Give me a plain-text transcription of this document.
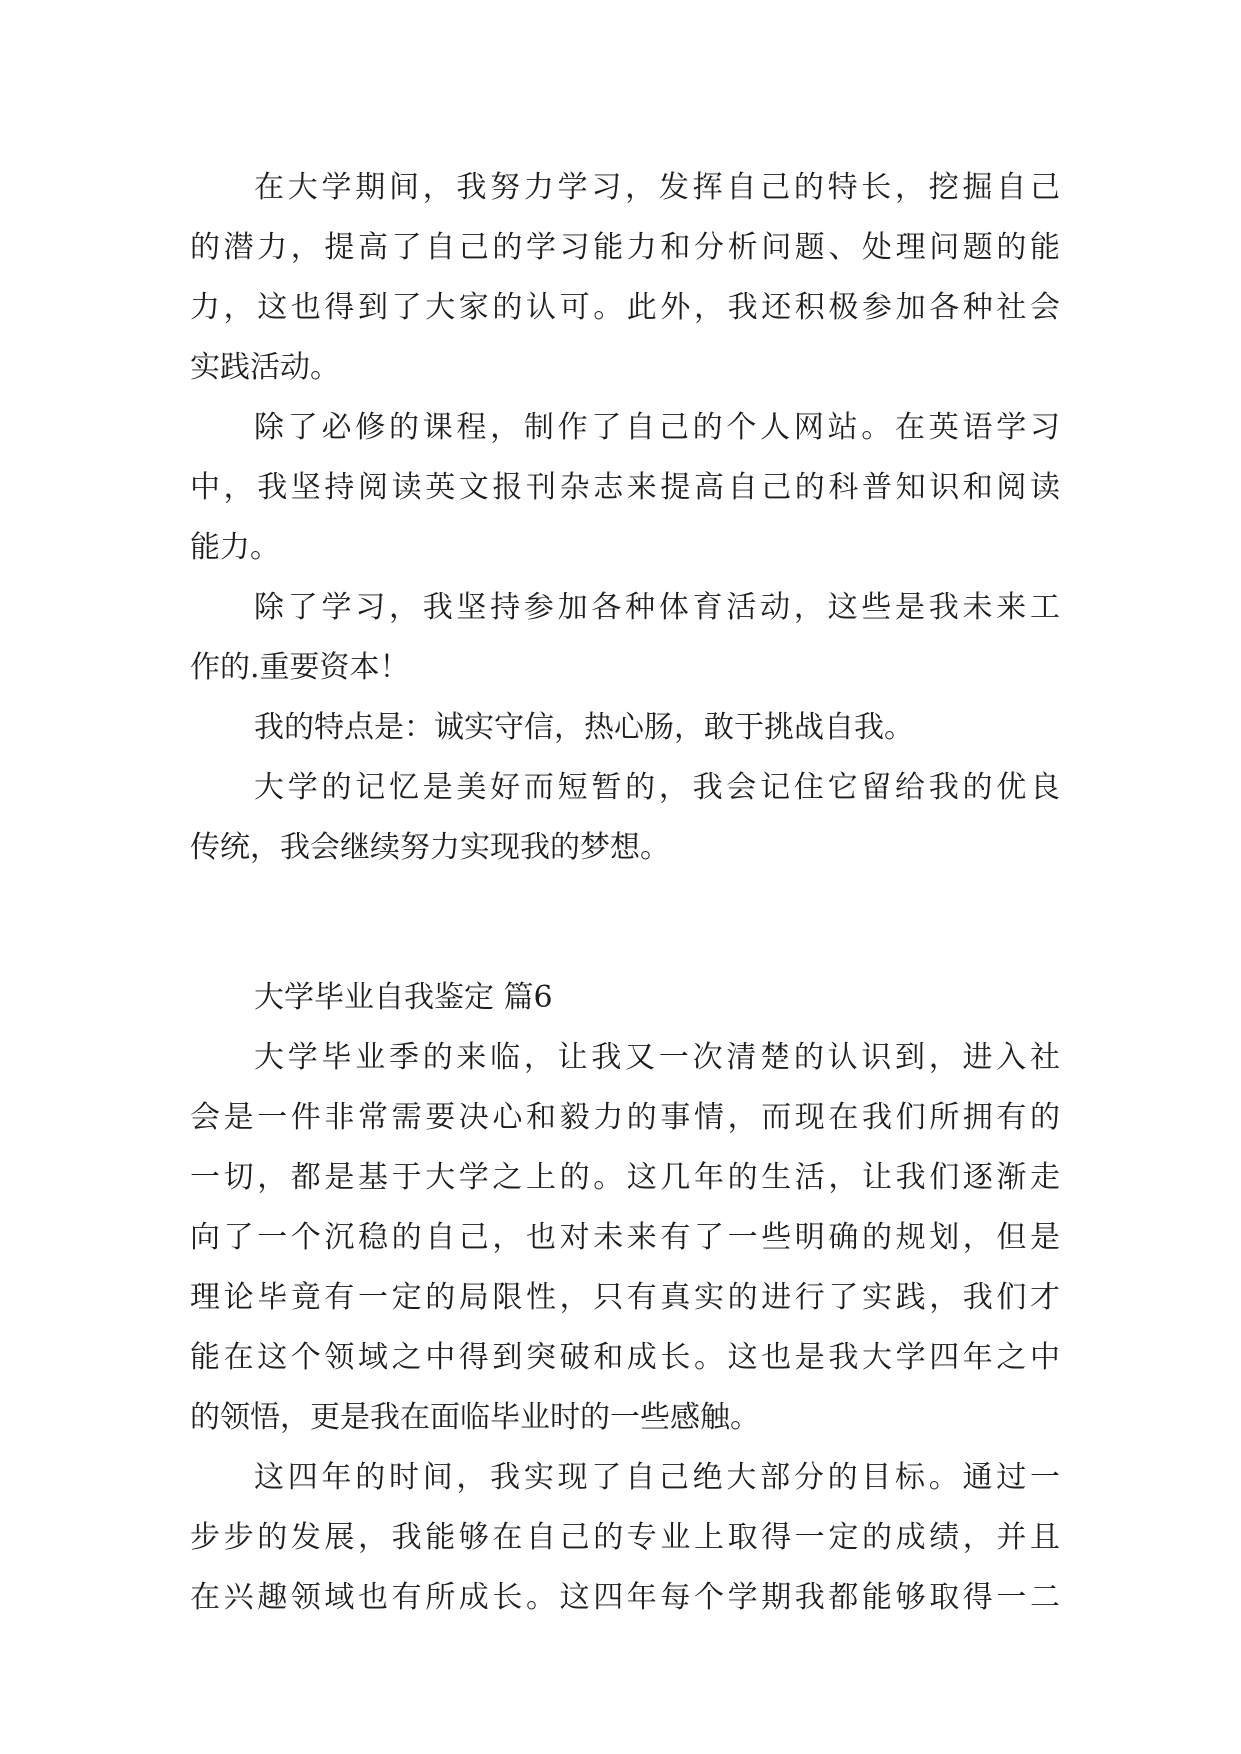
在大学期间，我努力学习，发挥自己的特长，挖掘自己
的潜力，提高了自己的学习能力和分析问题、处理问题的能
力，这也得到了大家的认可。此外，我还积极参加各种社会
实践活动。
除了必修的课程，制作了自己的个人网站。在英语学习
中，我坚持阅读英文报刊杂志来提高自己的科普知识和阅读
能力。
除了学习，我坚持参加各种体育活动，这些是我未来工
作的.重要资本！
我的特点是：诚实守信，热心肠，敢于挑战自我。
大学的记忆是美好而短暂的，我会记住它留给我的优良
传统，我会继续努力实现我的梦想。
大学毕业自我鉴定 篇6
大学毕业季的来临，让我又一次清楚的认识到，进入社
会是一件非常需要决心和毅力的事情，而现在我们所拥有的
一切，都是基于大学之上的。这几年的生活，让我们逐渐走
向了一个沉稳的自己，也对未来有了一些明确的规划，但是
理论毕竟有一定的局限性，只有真实的进行了实践，我们才
能在这个领域之中得到突破和成长。这也是我大学四年之中
的领悟，更是我在面临毕业时的一些感触。
这四年的时间，我实现了自己绝大部分的目标。通过一
步步的发展，我能够在自己的专业上取得一定的成绩，并且
在兴趣领域也有所成长。这四年每个学期我都能够取得一二
